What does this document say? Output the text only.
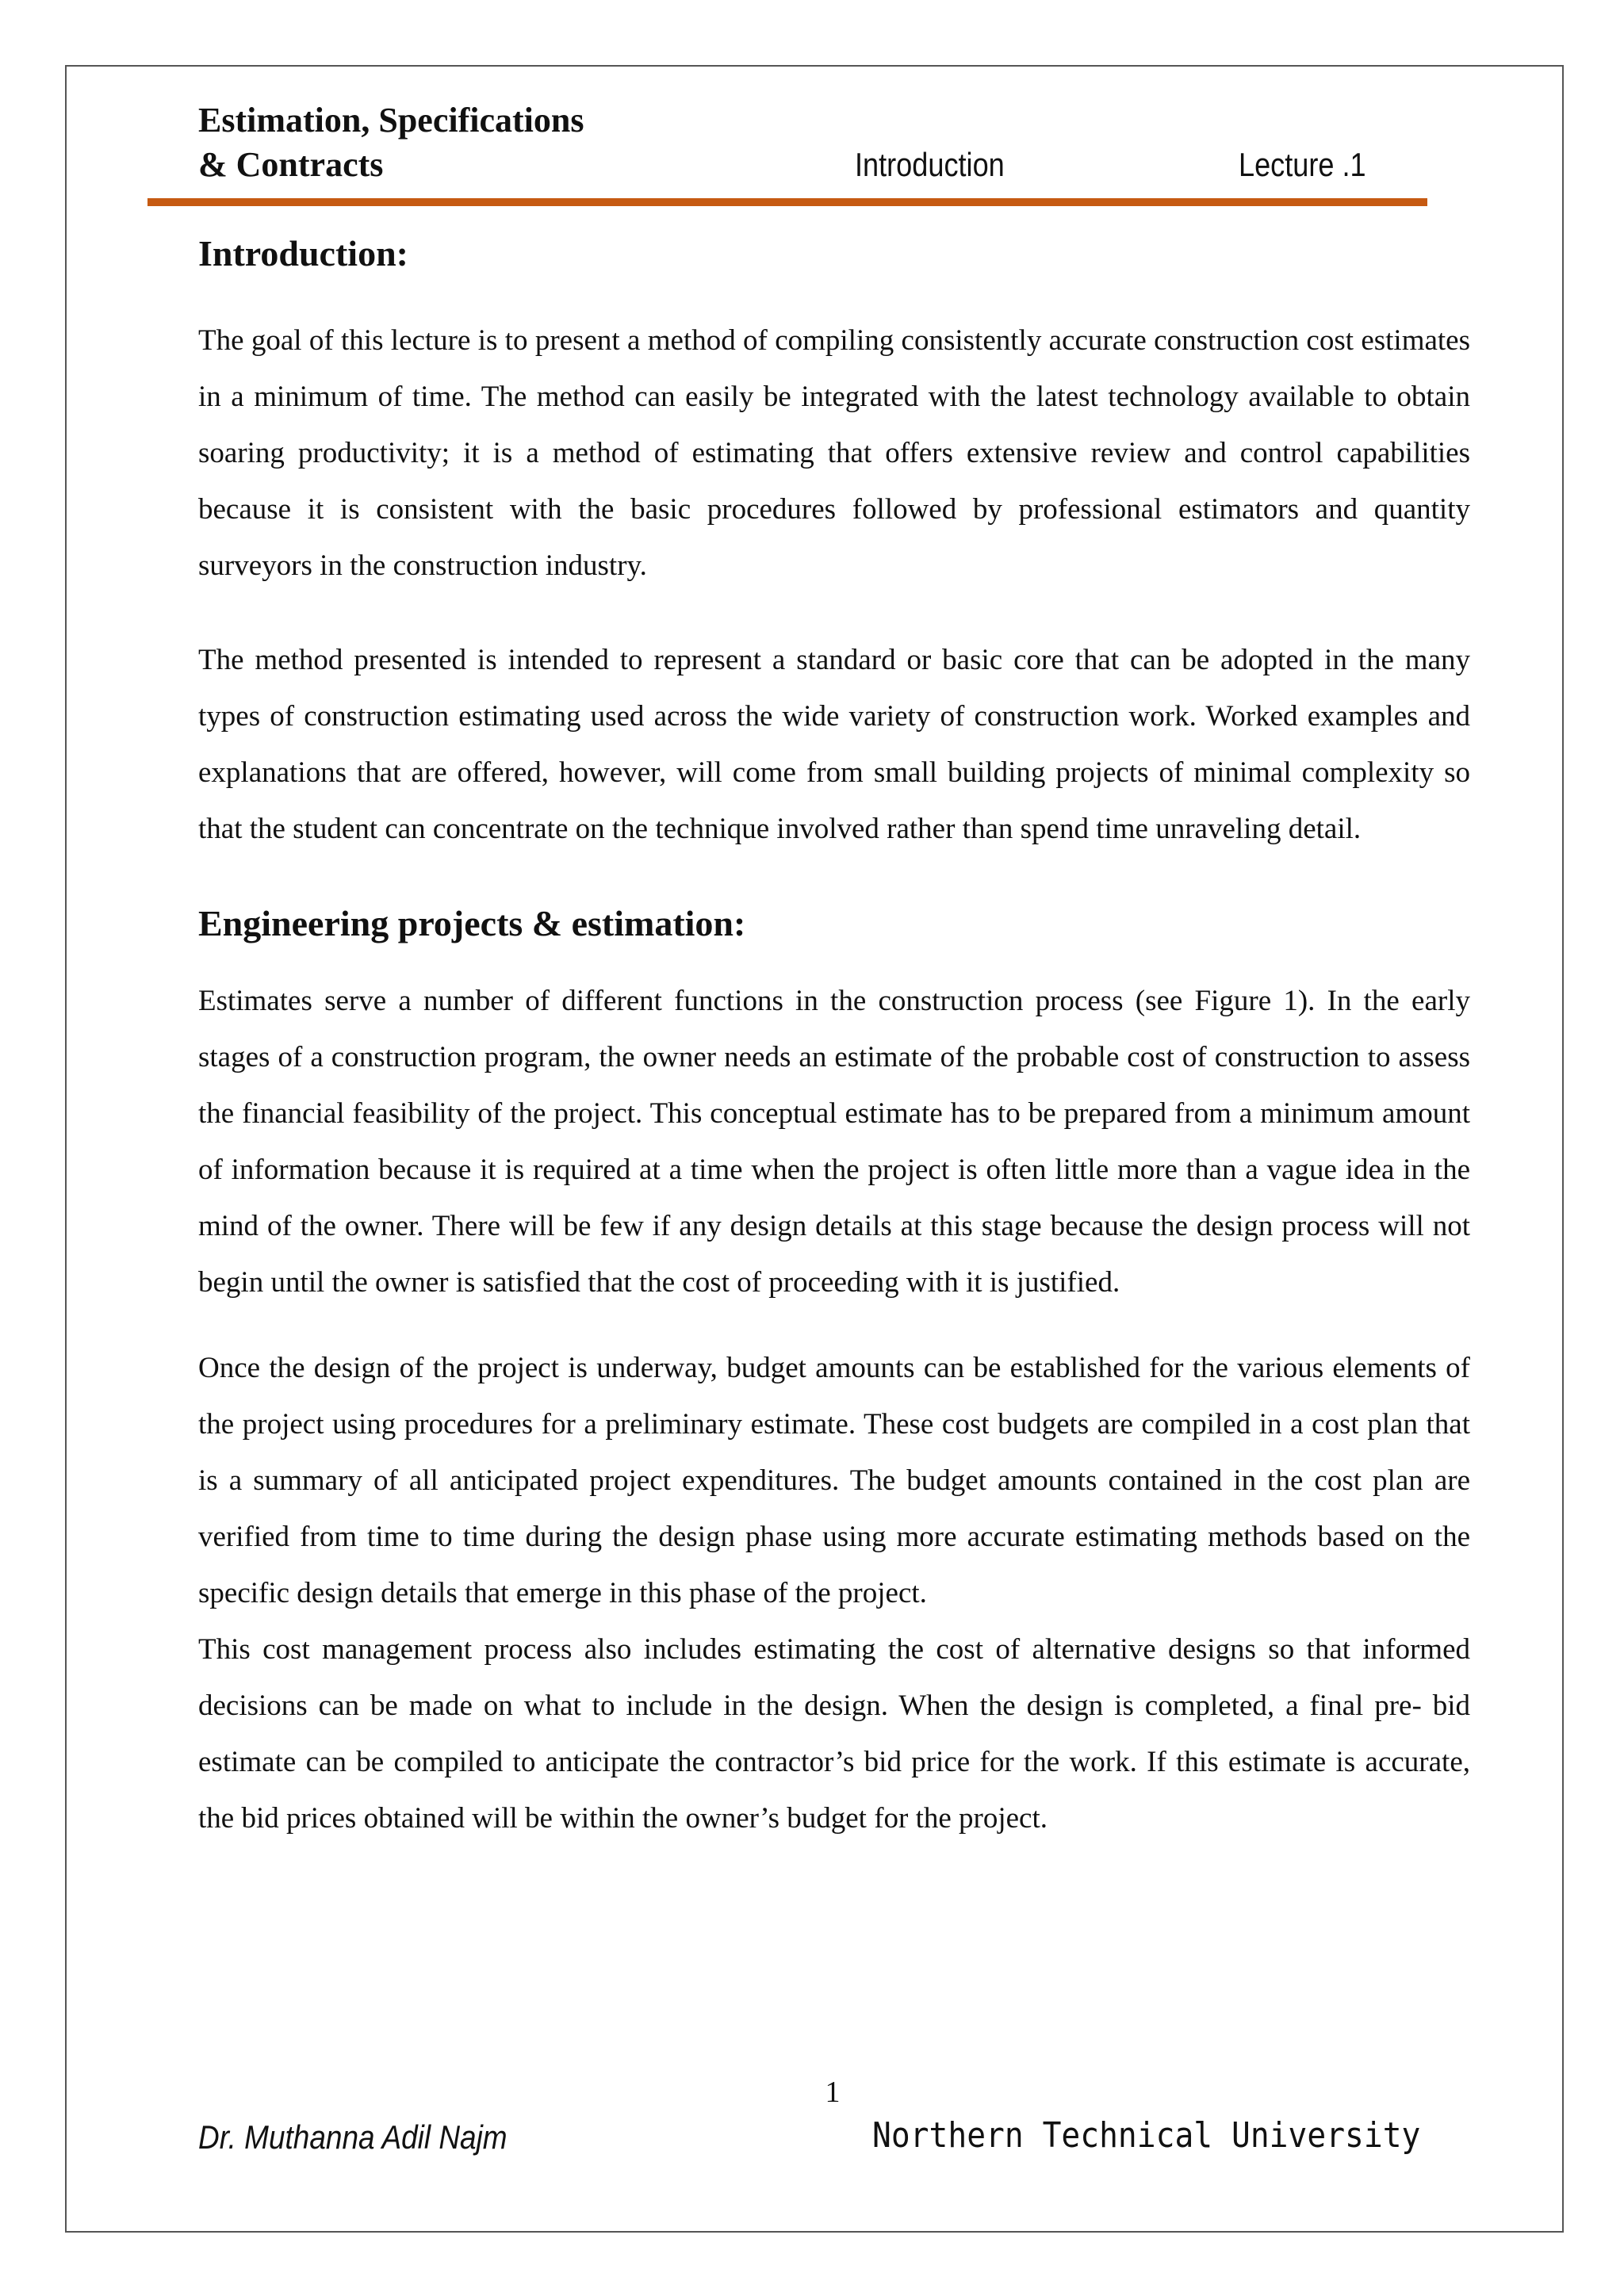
Estimation, Specifications
& Contracts	Introduction	Lecture .1
Introduction:

The goal of this lecture is to present a method of compiling consistently accurate construction cost estimates in a minimum of time. The method can easily be integrated with the latest technology available to obtain soaring productivity; it is a method of estimating that offers extensive review and control capabilities because it is consistent with the basic procedures followed by professional estimators and quantity surveyors in the construction industry.

The method presented is intended to represent a standard or basic core that can be adopted in the many types of construction estimating used across the wide variety of construction work. Worked examples and explanations that are offered, however, will come from small building projects of minimal complexity so that the student can concentrate on the technique involved rather than spend time unraveling detail.

Engineering projects & estimation:

Estimates serve a number of different functions in the construction process (see Figure 1). In the early stages of a construction program, the owner needs an estimate of the probable cost of construction to assess the financial feasibility of the project. This conceptual estimate has to be prepared from a minimum amount of information because it is required at a time when the project is often little more than a vague idea in the mind of the owner. There will be few if any design details at this stage because the design process will not begin until the owner is satisfied that the cost of proceeding with it is justified.

Once the design of the project is underway, budget amounts can be established for the various elements of the project using procedures for a preliminary estimate. These cost budgets are compiled in a cost plan that is a summary of all anticipated project expenditures. The budget amounts contained in the cost plan are verified from time to time during the design phase using more accurate estimating methods based on the specific design details that emerge in this phase of the project.

This cost management process also includes estimating the cost of alternative designs so that informed decisions can be made on what to include in the design. When the design is completed, a final pre- bid estimate can be compiled to anticipate the contractor’s bid price for the work. If this estimate is accurate, the bid prices obtained will be within the owner’s budget for the project.

1
Dr. Muthanna Adil Najm	Northern Technical University
